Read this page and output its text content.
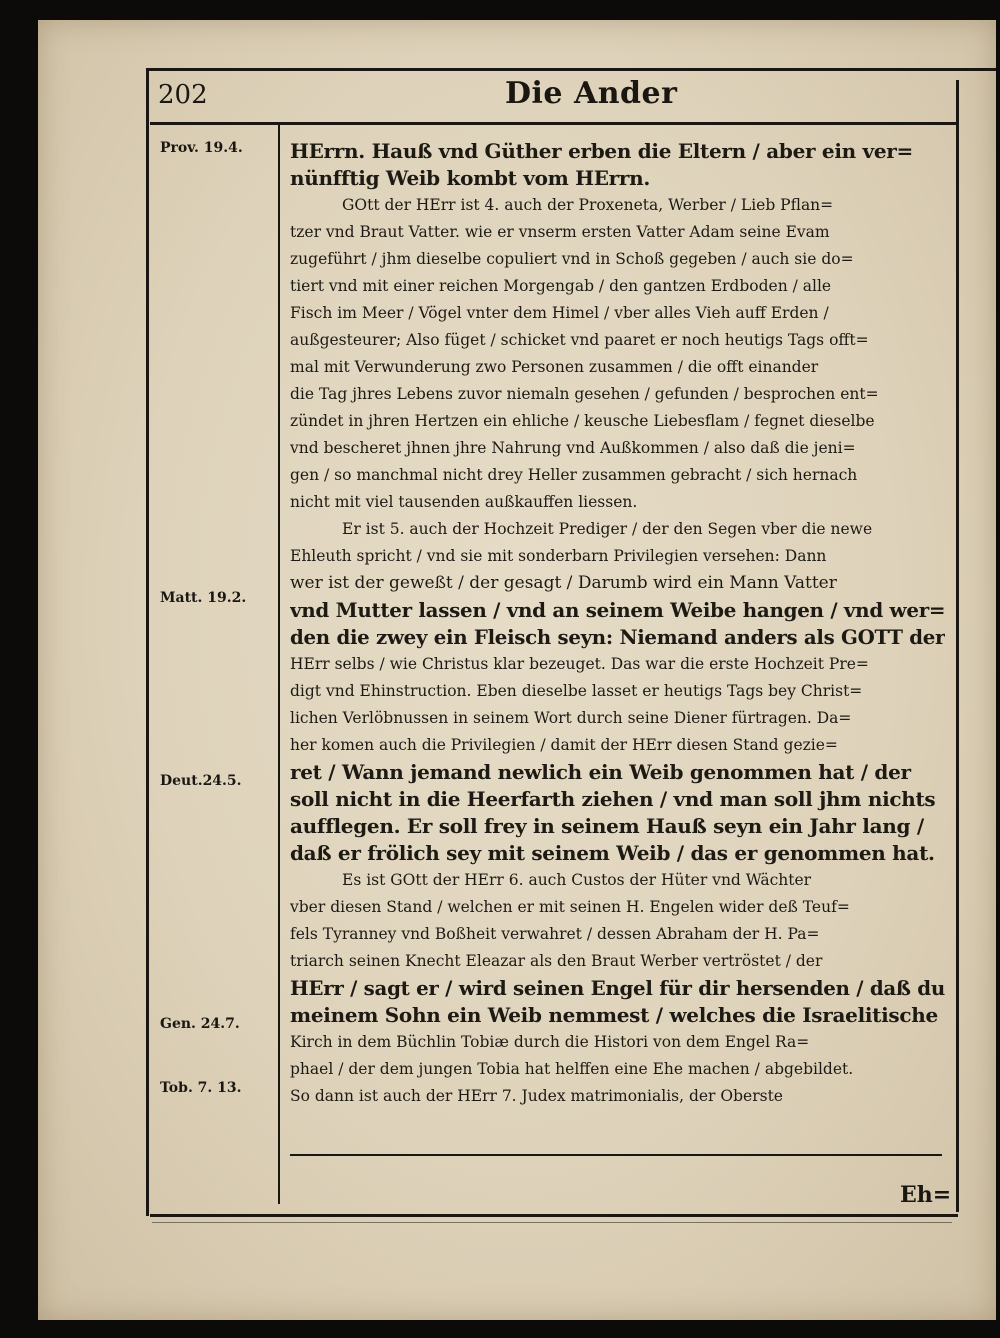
202	Die Ander
Prov. 19.4.
Matt. 19.2.
Deut.24.5.
Gen. 24.7.
Tob. 7. 13.
HErrn. Hauß vnd Güther erben die Eltern / aber ein ver=
nünfftig Weib kombt vom HErrn.
GOtt der HErr ist 4. auch der Proxeneta, Werber / Lieb Pflan=
tzer vnd Braut Vatter. wie er vnserm ersten Vatter Adam seine Evam
zugeführt / jhm dieselbe copuliert vnd in Schoß gegeben / auch sie do=
tiert vnd mit einer reichen Morgengab / den gantzen Erdboden / alle
Fisch im Meer / Vögel vnter dem Himel / vber alles Vieh auff Erden /
außgesteurer; Also füget / schicket vnd paaret er noch heutigs Tags offt=
mal mit Verwunderung zwo Personen zusammen / die offt einander
die Tag jhres Lebens zuvor niemaln gesehen / gefunden / besprochen ent=
zündet in jhren Hertzen ein ehliche / keusche Liebesflam / fegnet dieselbe
vnd bescheret jhnen jhre Nahrung vnd Außkommen / also daß die jeni=
gen / so manchmal nicht drey Heller zusammen gebracht / sich hernach
nicht mit viel tausenden außkauffen liessen.
Er ist 5. auch der Hochzeit Prediger / der den Segen vber die newe
Ehleuth spricht / vnd sie mit sonderbarn Privilegien versehen: Dann
wer ist der geweßt / der gesagt / Darumb wird ein Mann Vatter
vnd Mutter lassen / vnd an seinem Weibe hangen / vnd wer=
den die zwey ein Fleisch seyn: Niemand anders als GOTT der
HErr selbs / wie Christus klar bezeuget. Das war die erste Hochzeit Pre=
digt vnd Ehinstruction. Eben dieselbe lasset er heutigs Tags bey Christ=
lichen Verlöbnussen in seinem Wort durch seine Diener fürtragen. Da=
her komen auch die Privilegien / damit der HErr diesen Stand gezie=
ret / Wann jemand newlich ein Weib genommen hat / der
soll nicht in die Heerfarth ziehen / vnd man soll jhm nichts
aufflegen. Er soll frey in seinem Hauß seyn ein Jahr lang /
daß er frölich sey mit seinem Weib / das er genommen hat.
Es ist GOtt der HErr 6. auch Custos der Hüter vnd Wächter
vber diesen Stand / welchen er mit seinen H. Engelen wider deß Teuf=
fels Tyranney vnd Boßheit verwahret / dessen Abraham der H. Pa=
triarch seinen Knecht Eleazar als den Braut Werber vertröstet / der
HErr / sagt er / wird seinen Engel für dir hersenden / daß du
meinem Sohn ein Weib nemmest / welches die Israelitische
Kirch in dem Büchlin Tobiæ durch die Histori von dem Engel Ra=
phael / der dem jungen Tobia hat helffen eine Ehe machen / abgebildet.
So dann ist auch der HErr 7. Judex matrimonialis, der Oberste
Eh=
